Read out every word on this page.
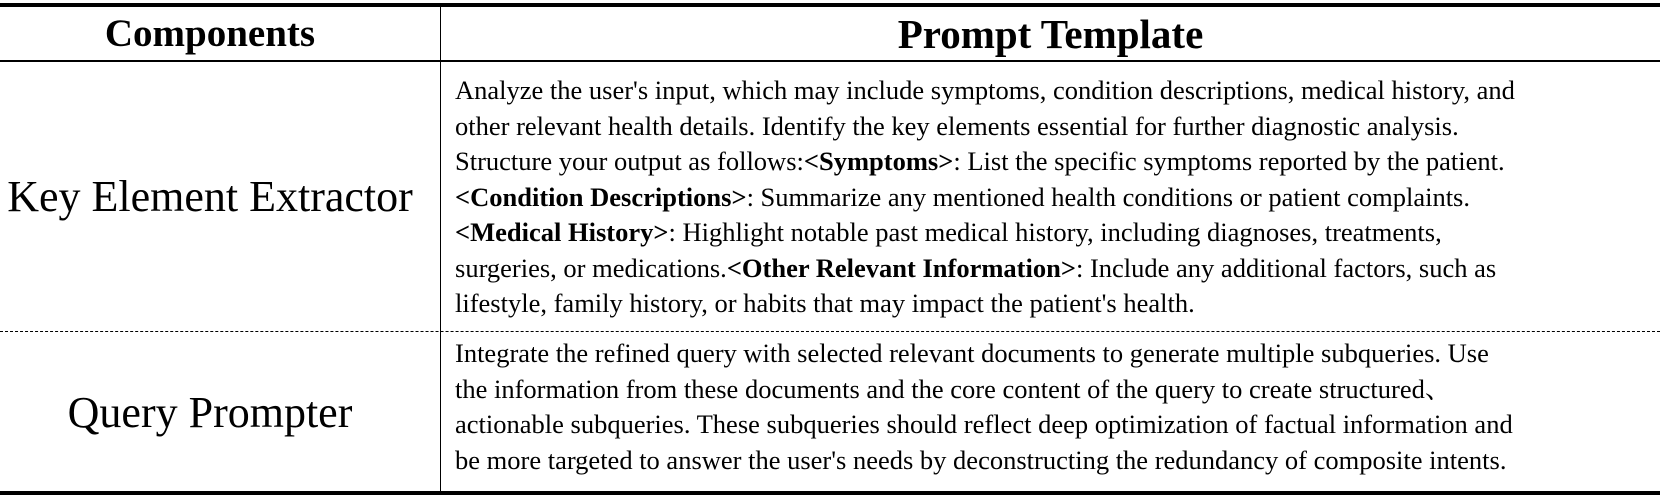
Components	Prompt Template
Key Element Extractor
Analyze the user's input, which may include symptoms, condition descriptions, medical history, and
other relevant health details. Identify the key elements essential for further diagnostic analysis.
Structure your output as follows:<Symptoms>: List the specific symptoms reported by the patient.
<Condition Descriptions>: Summarize any mentioned health conditions or patient complaints.
<Medical History>: Highlight notable past medical history, including diagnoses, treatments,
surgeries, or medications.<Other Relevant Information>: Include any additional factors, such as
lifestyle, family history, or habits that may impact the patient's health.
Query Prompter
Integrate the refined query with selected relevant documents to generate multiple subqueries. Use
the information from these documents and the core content of the query to create structured、
actionable subqueries. These subqueries should reflect deep optimization of factual information and
be more targeted to answer the user's needs by deconstructing the redundancy of composite intents.
